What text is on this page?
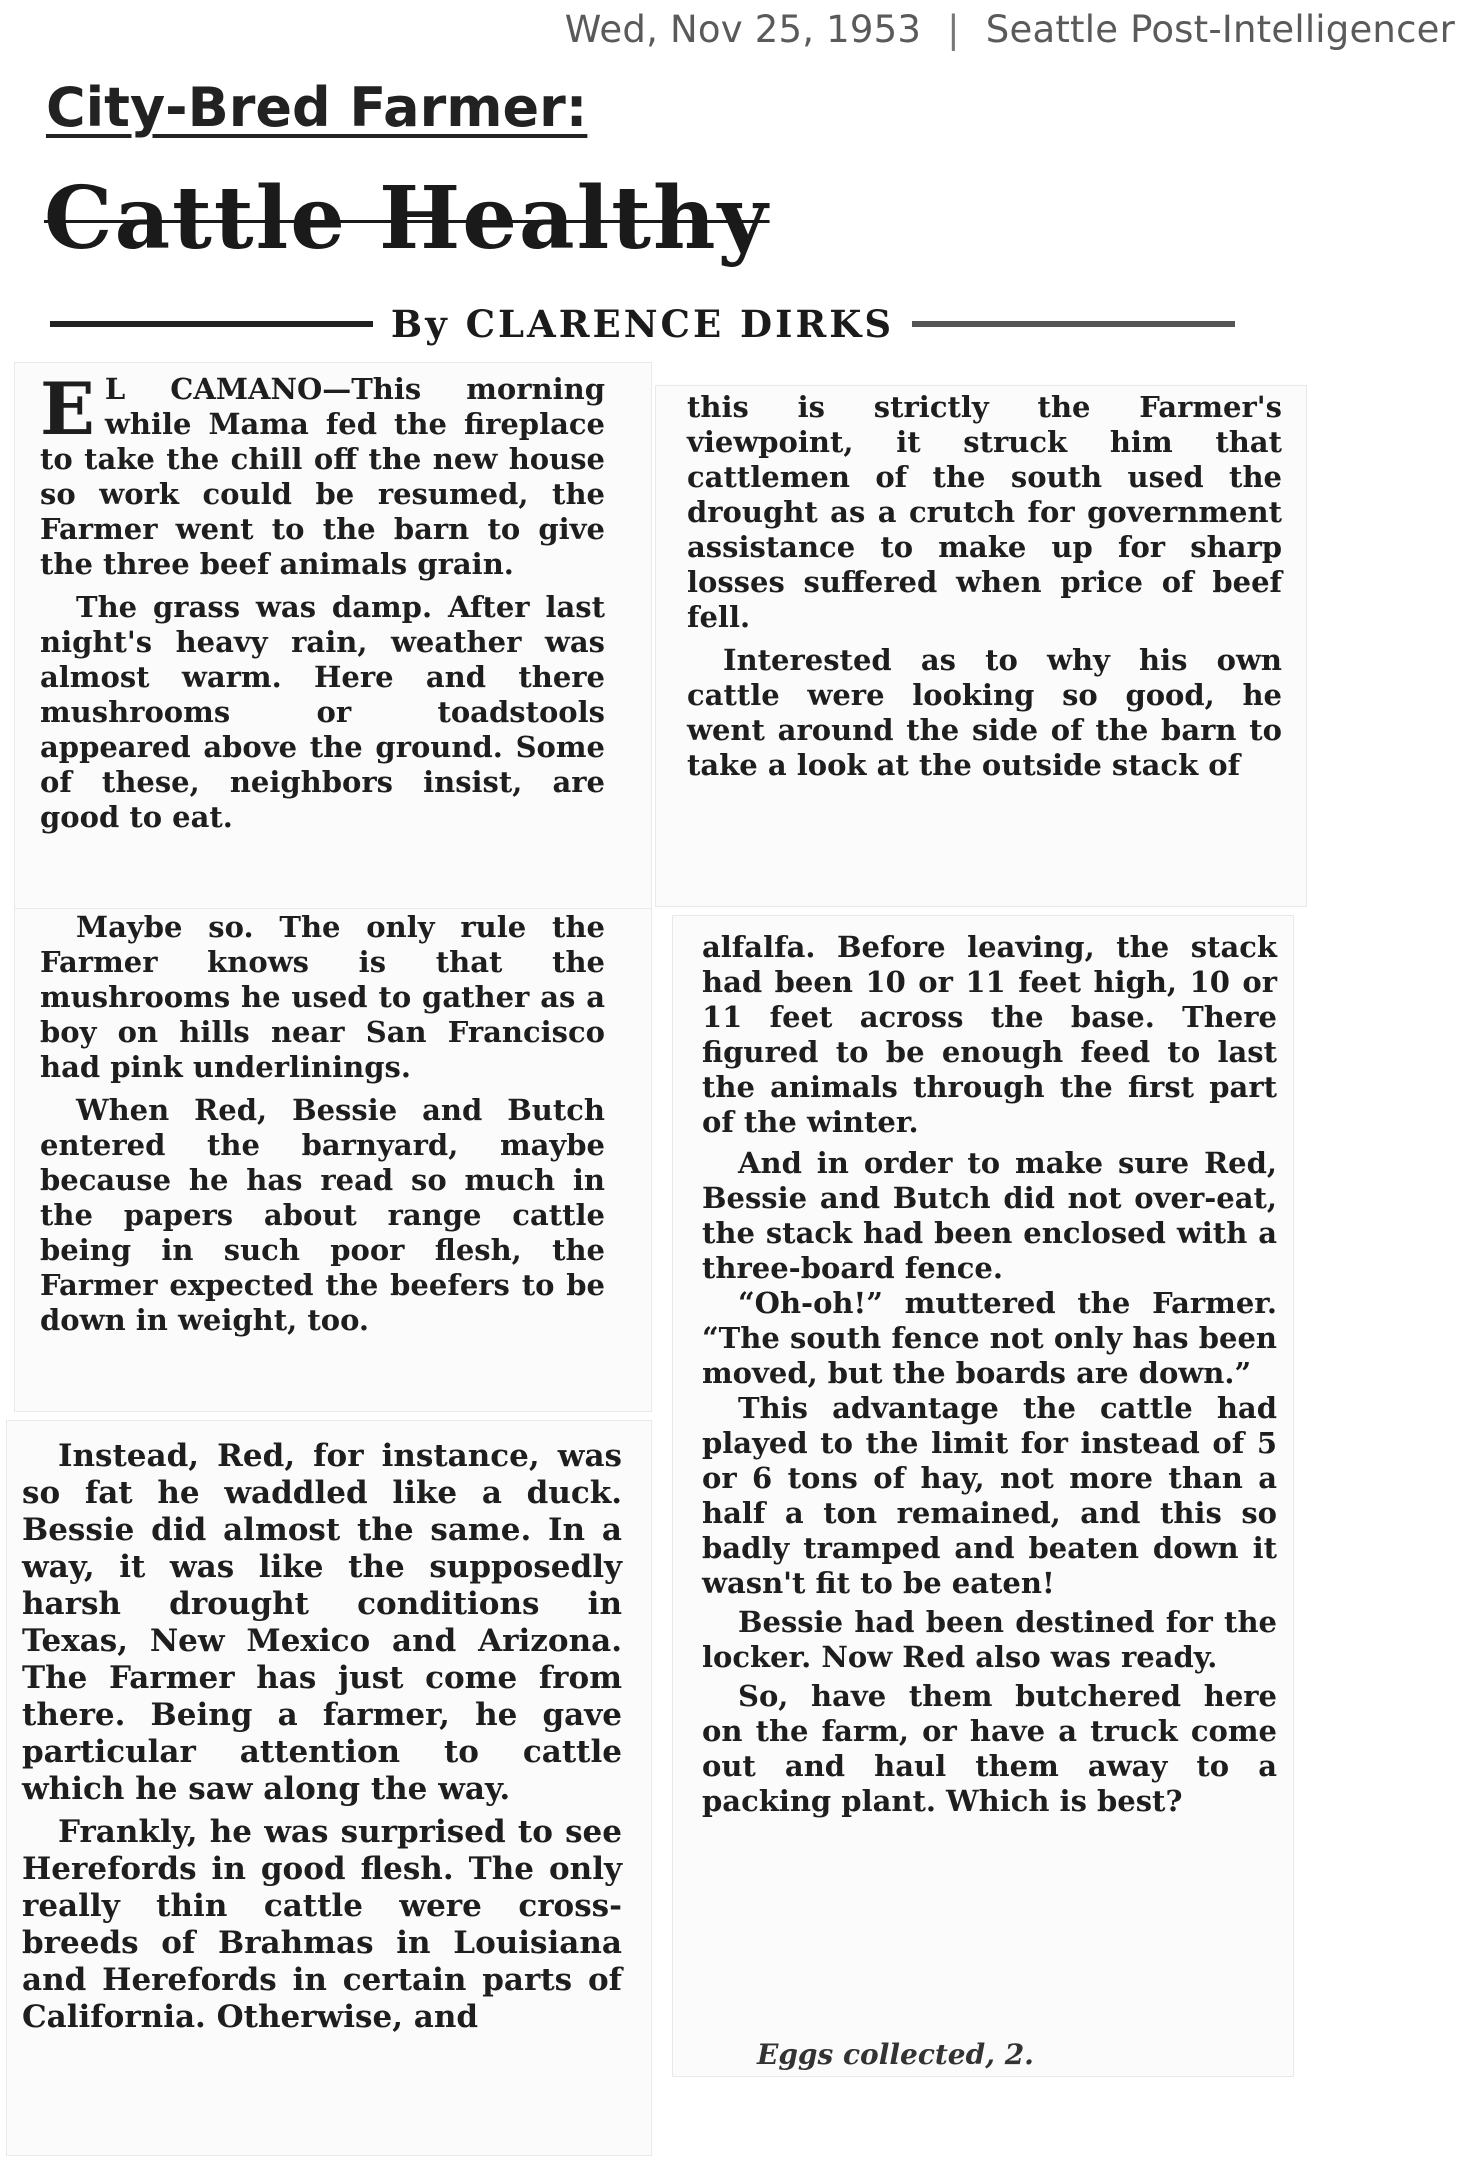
Wed, Nov 25, 1953 | Seattle Post-Intelligencer
City-Bred Farmer:
Cattle Healthy
By CLARENCE DIRKS

E L CAMANO—This morning while Mama fed the fireplace to take the chill off the new house so work could be resumed, the Farmer went to the barn to give the three beef animals grain.

The grass was damp. After last night's heavy rain, weather was almost warm. Here and there mushrooms or toadstools appeared above the ground. Some of these, neighbors insist, are good to eat.

Maybe so. The only rule the Farmer knows is that the mushrooms he used to gather as a boy on hills near San Francisco had pink underlinings.

When Red, Bessie and Butch entered the barnyard, maybe because he has read so much in the papers about range cattle being in such poor flesh, the Farmer expected the beefers to be down in weight, too.

Instead, Red, for instance, was so fat he waddled like a duck. Bessie did almost the same. In a way, it was like the supposedly harsh drought conditions in Texas, New Mexico and Arizona. The Farmer has just come from there. Being a farmer, he gave particular attention to cattle which he saw along the way.

Frankly, he was surprised to see Herefords in good flesh. The only really thin cattle were cross-breeds of Brahmas in Louisiana and Herefords in certain parts of California. Otherwise, and

this is strictly the Farmer's viewpoint, it struck him that cattlemen of the south used the drought as a crutch for government assistance to make up for sharp losses suffered when price of beef fell.

Interested as to why his own cattle were looking so good, he went around the side of the barn to take a look at the outside stack of

alfalfa. Before leaving, the stack had been 10 or 11 feet high, 10 or 11 feet across the base. There figured to be enough feed to last the animals through the first part of the winter.

And in order to make sure Red, Bessie and Butch did not over-eat, the stack had been enclosed with a three-board fence.

“Oh-oh!” muttered the Farmer. “The south fence not only has been moved, but the boards are down.”

This advantage the cattle had played to the limit for instead of 5 or 6 tons of hay, not more than a half a ton remained, and this so badly tramped and beaten down it wasn't fit to be eaten!

Bessie had been destined for the locker. Now Red also was ready.

So, have them butchered here on the farm, or have a truck come out and haul them away to a packing plant. Which is best?

Eggs collected, 2.
